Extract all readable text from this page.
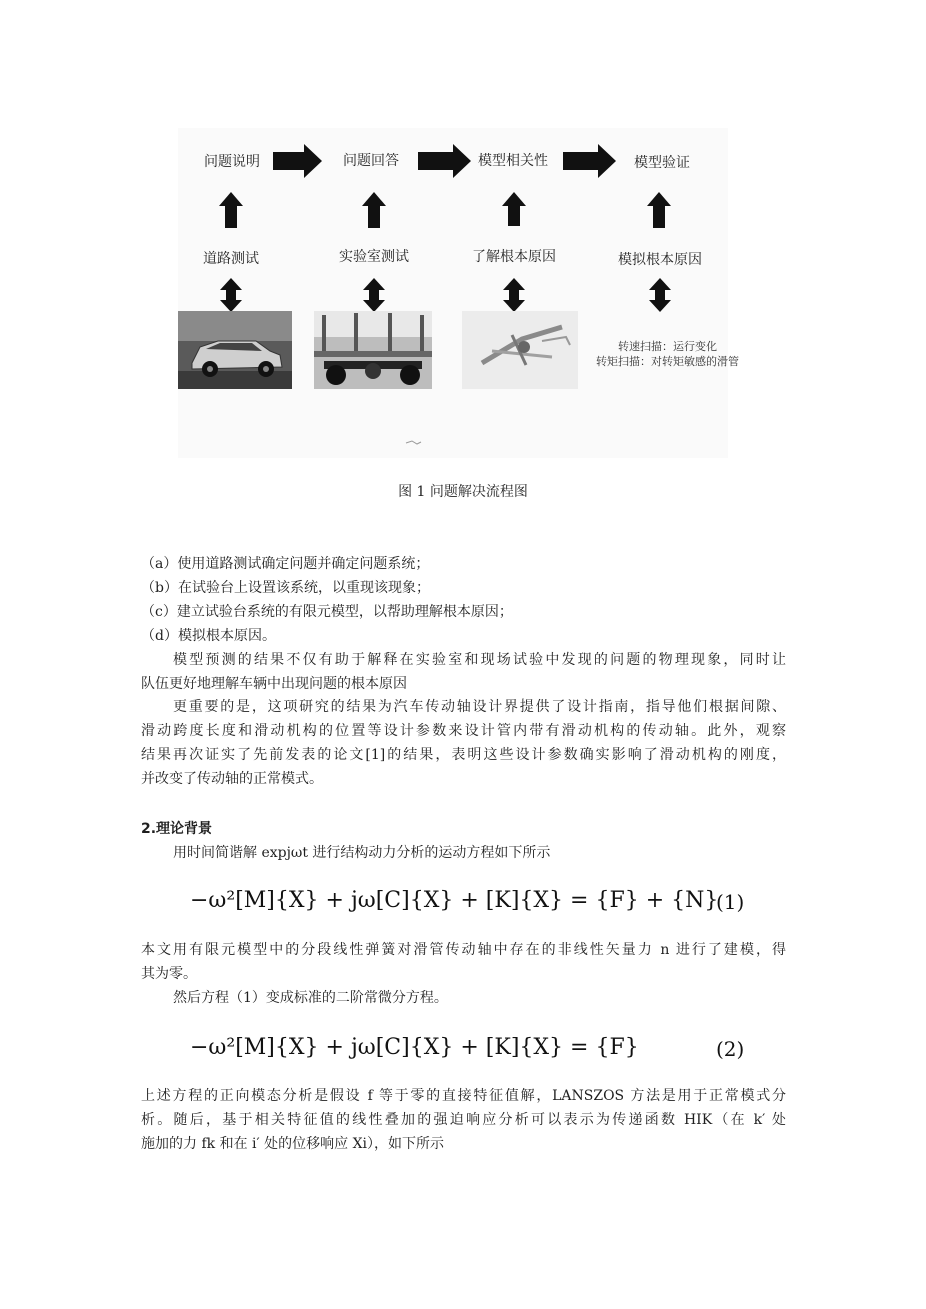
问题说明	问题回答	模型相关性	模型验证
道路测试	实验室测试	了解根本原因	模拟根本原因
转速扫描：运行变化
转矩扫描：对转矩敏感的滑管
图 1 问题解决流程图
（a）使用道路测试确定问题并确定问题系统；
（b）在试验台上设置该系统，以重现该现象；
（c）建立试验台系统的有限元模型，以帮助理解根本原因；
（d）模拟根本原因。
模型预测的结果不仅有助于解释在实验室和现场试验中发现的问题的物理现象，同时让
队伍更好地理解车辆中出现问题的根本原因
更重要的是，这项研究的结果为汽车传动轴设计界提供了设计指南，指导他们根据间隙、
滑动跨度长度和滑动机构的位置等设计参数来设计管内带有滑动机构的传动轴。此外，观察
结果再次证实了先前发表的论文[1]的结果，表明这些设计参数确实影响了滑动机构的刚度，
并改变了传动轴的正常模式。
2.理论背景
用时间简谐解 expjωt 进行结构动力分析的运动方程如下所示
−ω²[M]{X} + jω[C]{X} + [K]{X} = {F} + {N}
(1)
本文用有限元模型中的分段线性弹簧对滑管传动轴中存在的非线性矢量力 n 进行了建模，得
其为零。
然后方程（1）变成标准的二阶常微分方程。
−ω²[M]{X} + jω[C]{X} + [K]{X} = {F}	(2)
上述方程的正向模态分析是假设 f 等于零的直接特征值解，LANSZOS 方法是用于正常模式分
析。随后，基于相关特征值的线性叠加的强迫响应分析可以表示为传递函数 HIK（在 k′ 处
施加的力 fk 和在 i′ 处的位移响应 Xi），如下所示
